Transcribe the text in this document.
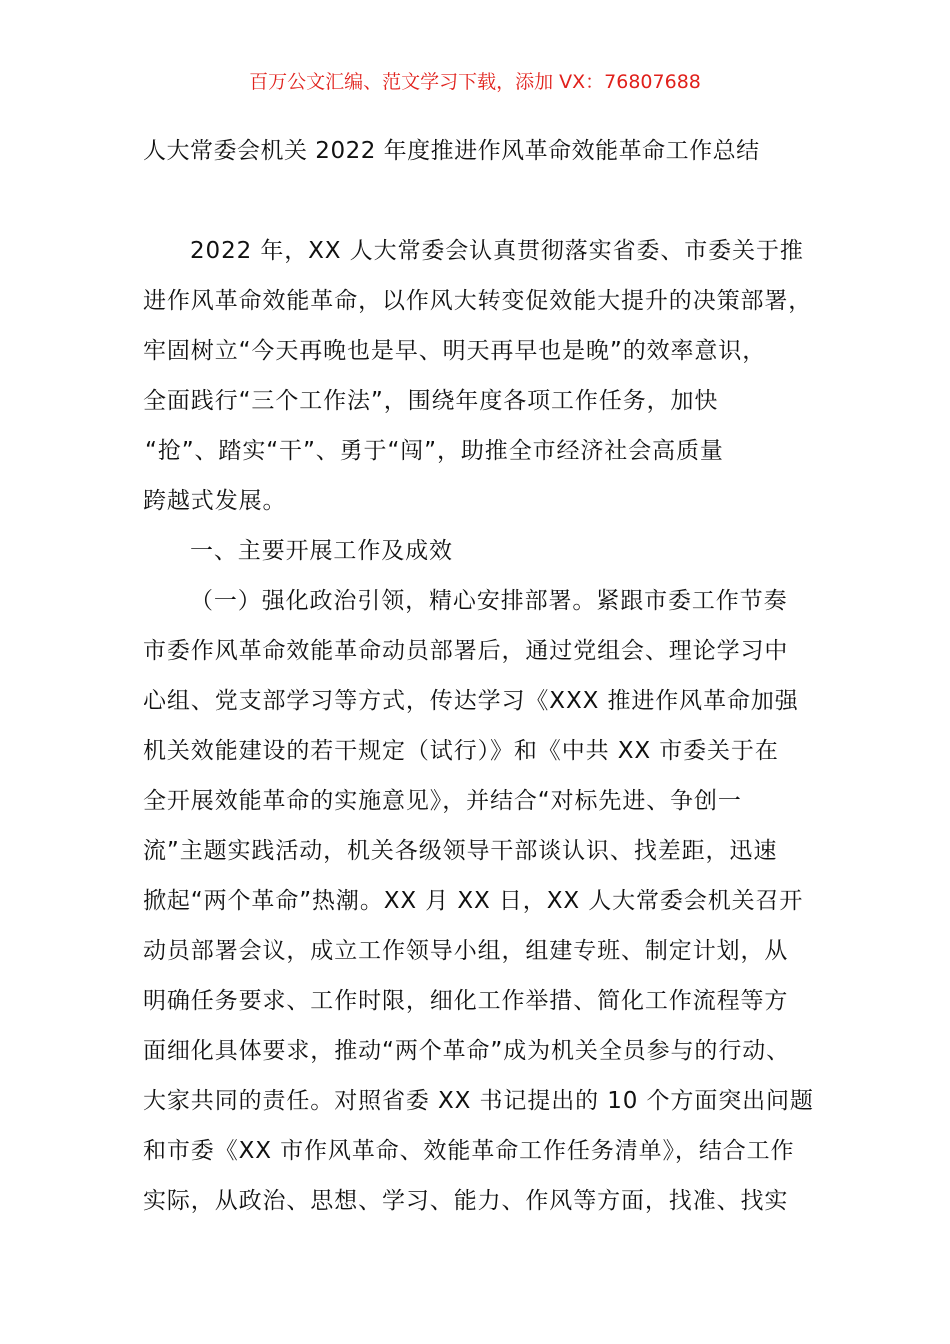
百万公文汇编、范文学习下载，添加 VX：76807688
人大常委会机关 2022 年度推进作风革命效能革命工作总结
2022 年，XX 人大常委会认真贯彻落实省委、市委关于推
进作风革命效能革命，以作风大转变促效能大提升的决策部署，
牢固树立“今天再晚也是早、明天再早也是晚”的效率意识，
全面践行“三个工作法”，围绕年度各项工作任务，加快
“抢”、踏实“干”、勇于“闯”，助推全市经济社会高质量
跨越式发展。
一、主要开展工作及成效
（一）强化政治引领，精心安排部署。紧跟市委工作节奏
市委作风革命效能革命动员部署后，通过党组会、理论学习中
心组、党支部学习等方式，传达学习《XXX 推进作风革命加强
机关效能建设的若干规定（试行）》和《中共 XX 市委关于在
全开展效能革命的实施意见》，并结合“对标先进、争创一
流”主题实践活动，机关各级领导干部谈认识、找差距，迅速
掀起“两个革命”热潮。XX 月 XX 日，XX 人大常委会机关召开
动员部署会议，成立工作领导小组，组建专班、制定计划，从
明确任务要求、工作时限，细化工作举措、简化工作流程等方
面细化具体要求，推动“两个革命”成为机关全员参与的行动、
大家共同的责任。对照省委 XX 书记提出的 10 个方面突出问题
和市委《XX 市作风革命、效能革命工作任务清单》，结合工作
实际，从政治、思想、学习、能力、作风等方面，找准、找实
